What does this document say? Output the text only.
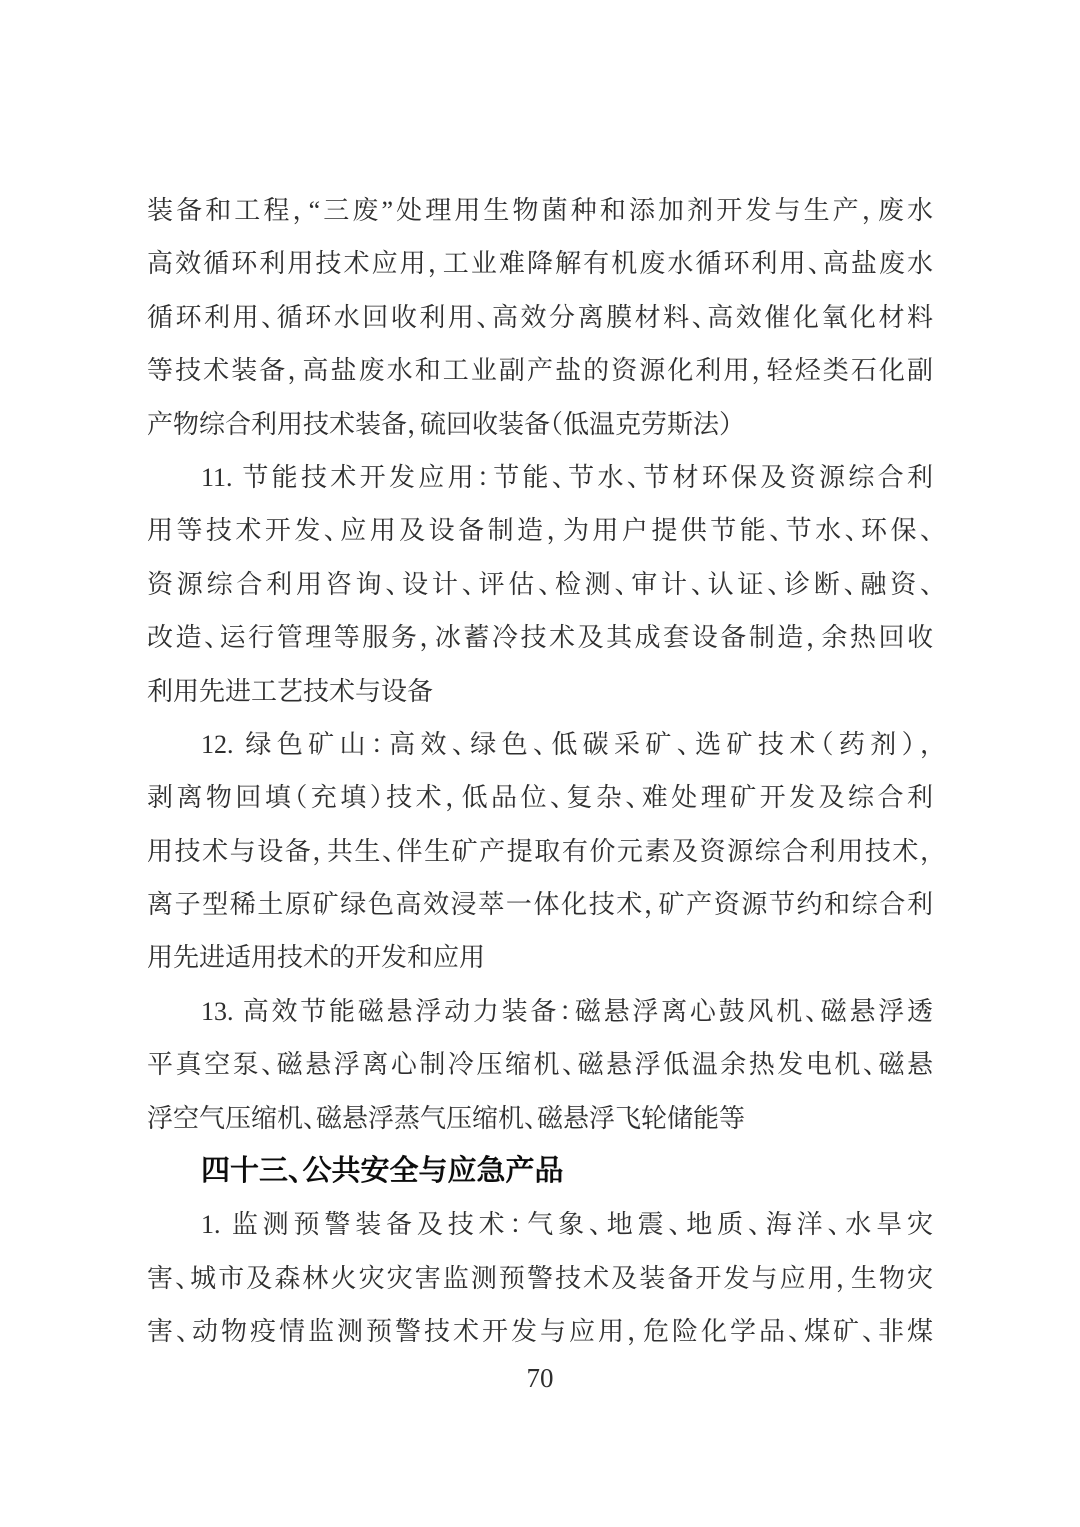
装备和工程，“三废”处理用生物菌种和添加剂开发与生产，废水
高效循环利用技术应用，工业难降解有机废水循环利用、高盐废水
循环利用、循环水回收利用、高效分离膜材料、高效催化氧化材料
等技术装备，高盐废水和工业副产盐的资源化利用，轻烃类石化副
产物综合利用技术装备，硫回收装备（低温克劳斯法）
11. 节能技术开发应用：节能、节水、节材环保及资源综合利
用等技术开发、应用及设备制造，为用户提供节能、节水、环保、
资源综合利用咨询、设计、评估、检测、审计、认证、诊断、融资、
改造、运行管理等服务，冰蓄冷技术及其成套设备制造，余热回收
利用先进工艺技术与设备
12. 绿色矿山：高效、绿色、低碳采矿、选矿技术（药剂），
剥离物回填（充填）技术，低品位、复杂、难处理矿开发及综合利
用技术与设备，共生、伴生矿产提取有价元素及资源综合利用技术，
离子型稀土原矿绿色高效浸萃一体化技术，矿产资源节约和综合利
用先进适用技术的开发和应用
13. 高效节能磁悬浮动力装备：磁悬浮离心鼓风机、磁悬浮透
平真空泵、磁悬浮离心制冷压缩机、磁悬浮低温余热发电机、磁悬
浮空气压缩机、磁悬浮蒸气压缩机、磁悬浮飞轮储能等
四十三、公共安全与应急产品
1. 监测预警装备及技术：气象、地震、地质、海洋、水旱灾
害、城市及森林火灾灾害监测预警技术及装备开发与应用，生物灾
害、动物疫情监测预警技术开发与应用，危险化学品、煤矿、非煤
70
